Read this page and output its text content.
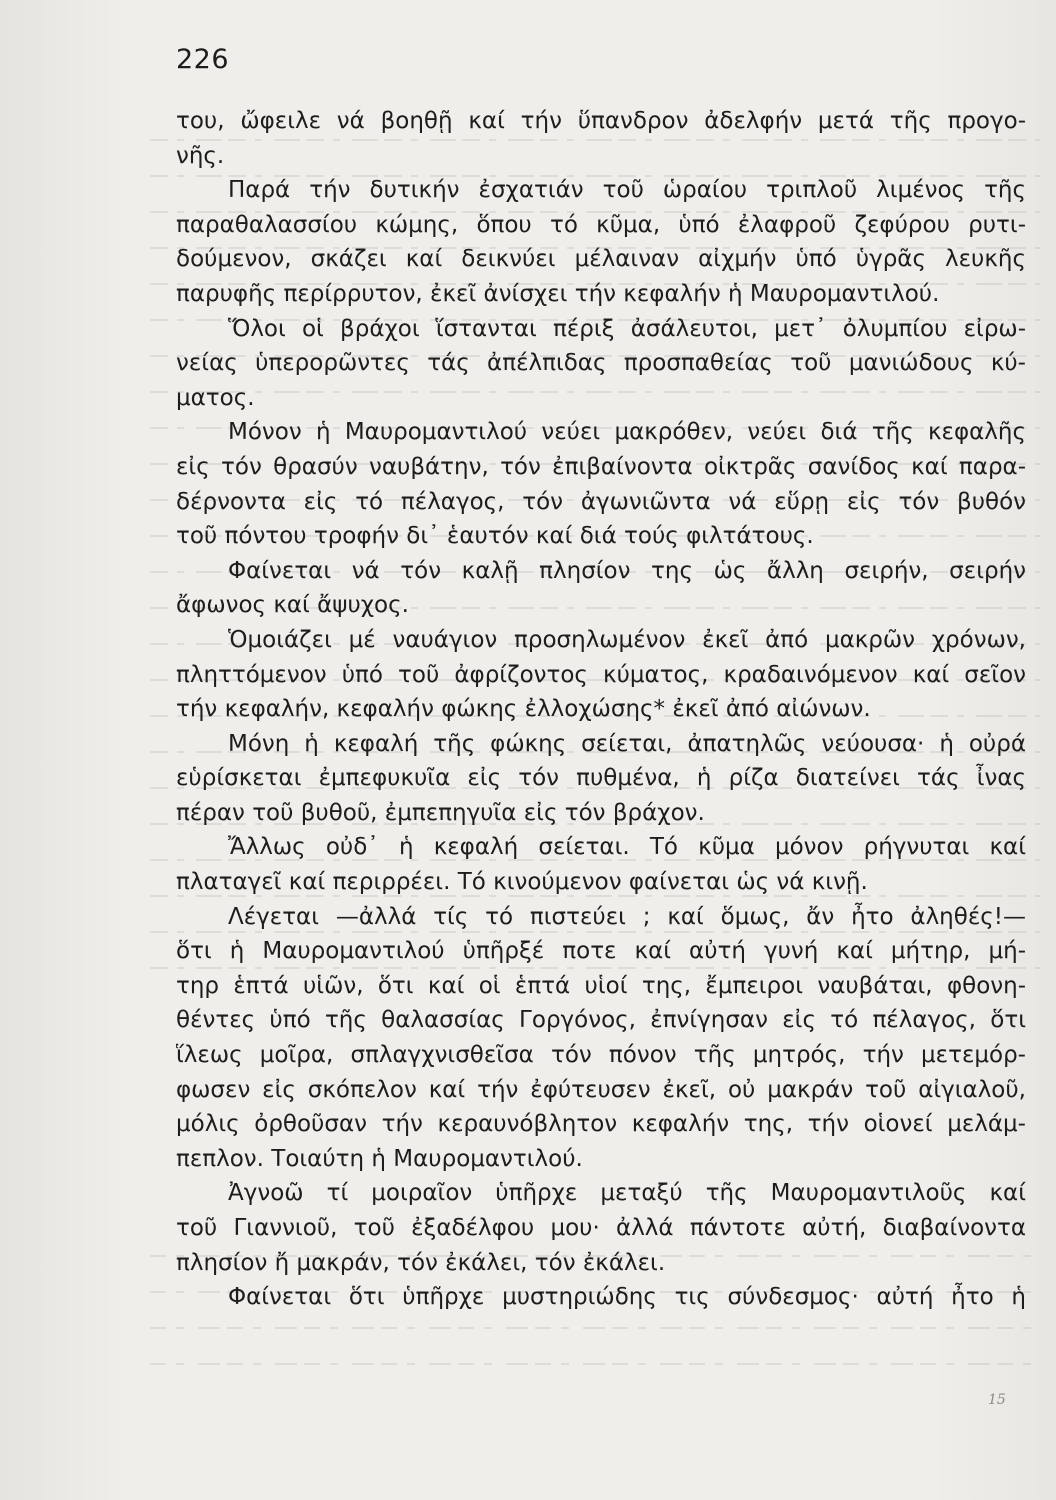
226
του, ὤφειλε νά βοηθῇ καί τήν ὕπανδρον ἀδελφήν μετά τῆς προγο-
νῆς.
Παρά τήν δυτικήν ἐσχατιάν τοῦ ὡραίου τριπλοῦ λιμένος τῆς
παραθαλασσίου κώμης, ὅπου τό κῦμα, ὑπό ἐλαφροῦ ζεφύρου ρυτι-
δούμενον, σκάζει καί δεικνύει μέλαιναν αἰχμήν ὑπό ὑγρᾶς λευκῆς
παρυφῆς περίρρυτον, ἐκεῖ ἀνίσχει τήν κεφαλήν ἡ Μαυρομαντιλού.
Ὅλοι οἱ βράχοι ἵστανται πέριξ ἀσάλευτοι, μετ᾽ ὀλυμπίου εἰρω-
νείας ὑπερορῶντες τάς ἀπέλπιδας προσπαθείας τοῦ μανιώδους κύ-
ματος.
Μόνον ἡ Μαυρομαντιλού νεύει μακρόθεν, νεύει διά τῆς κεφαλῆς
εἰς τόν θρασύν ναυβάτην, τόν ἐπιβαίνοντα οἰκτρᾶς σανίδος καί παρα-
δέρνοντα εἰς τό πέλαγος, τόν ἀγωνιῶντα νά εὕρῃ εἰς τόν βυθόν
τοῦ πόντου τροφήν δι᾽ ἑαυτόν καί διά τούς φιλτάτους.
Φαίνεται νά τόν καλῇ πλησίον της ὡς ἄλλη σειρήν, σειρήν
ἄφωνος καί ἄψυχος.
Ὁμοιάζει μέ ναυάγιον προσηλωμένον ἐκεῖ ἀπό μακρῶν χρόνων,
πληττόμενον ὑπό τοῦ ἀφρίζοντος κύματος, κραδαινόμενον καί σεῖον
τήν κεφαλήν, κεφαλήν φώκης ἐλλοχώσης* ἐκεῖ ἀπό αἰώνων.
Μόνη ἡ κεφαλή τῆς φώκης σείεται, ἀπατηλῶς νεύουσα· ἡ οὐρά
εὑρίσκεται ἐμπεφυκυῖα εἰς τόν πυθμένα, ἡ ρίζα διατείνει τάς ἶνας
πέραν τοῦ βυθοῦ, ἐμπεπηγυῖα εἰς τόν βράχον.
Ἄλλως οὐδ᾽ ἡ κεφαλή σείεται. Τό κῦμα μόνον ρήγνυται καί
πλαταγεῖ καί περιρρέει. Τό κινούμενον φαίνεται ὡς νά κινῇ.
Λέγεται —ἀλλά τίς τό πιστεύει ; καί ὅμως, ἄν ἦτο ἀληθές!—
ὅτι ἡ Μαυρομαντιλού ὑπῆρξέ ποτε καί αὐτή γυνή καί μήτηρ, μή-
τηρ ἑπτά υἱῶν, ὅτι καί οἱ ἑπτά υἱοί της, ἔμπειροι ναυβάται, φθονη-
θέντες ὑπό τῆς θαλασσίας Γοργόνος, ἐπνίγησαν εἰς τό πέλαγος, ὅτι
ἵλεως μοῖρα, σπλαγχνισθεῖσα τόν πόνον τῆς μητρός, τήν μετεμόρ-
φωσεν εἰς σκόπελον καί τήν ἐφύτευσεν ἐκεῖ, οὐ μακράν τοῦ αἰγιαλοῦ,
μόλις ὀρθοῦσαν τήν κεραυνόβλητον κεφαλήν της, τήν οἱονεί μελάμ-
πεπλον. Τοιαύτη ἡ Μαυρομαντιλού.
Ἀγνοῶ τί μοιραῖον ὑπῆρχε μεταξύ τῆς Μαυρομαντιλοῦς καί
τοῦ Γιαννιοῦ, τοῦ ἐξαδέλφου μου· ἀλλά πάντοτε αὐτή, διαβαίνοντα
πλησίον ἤ μακράν, τόν ἐκάλει, τόν ἐκάλει.
Φαίνεται ὅτι ὑπῆρχε μυστηριώδης τις σύνδεσμος· αὐτή ἦτο ἡ
15
